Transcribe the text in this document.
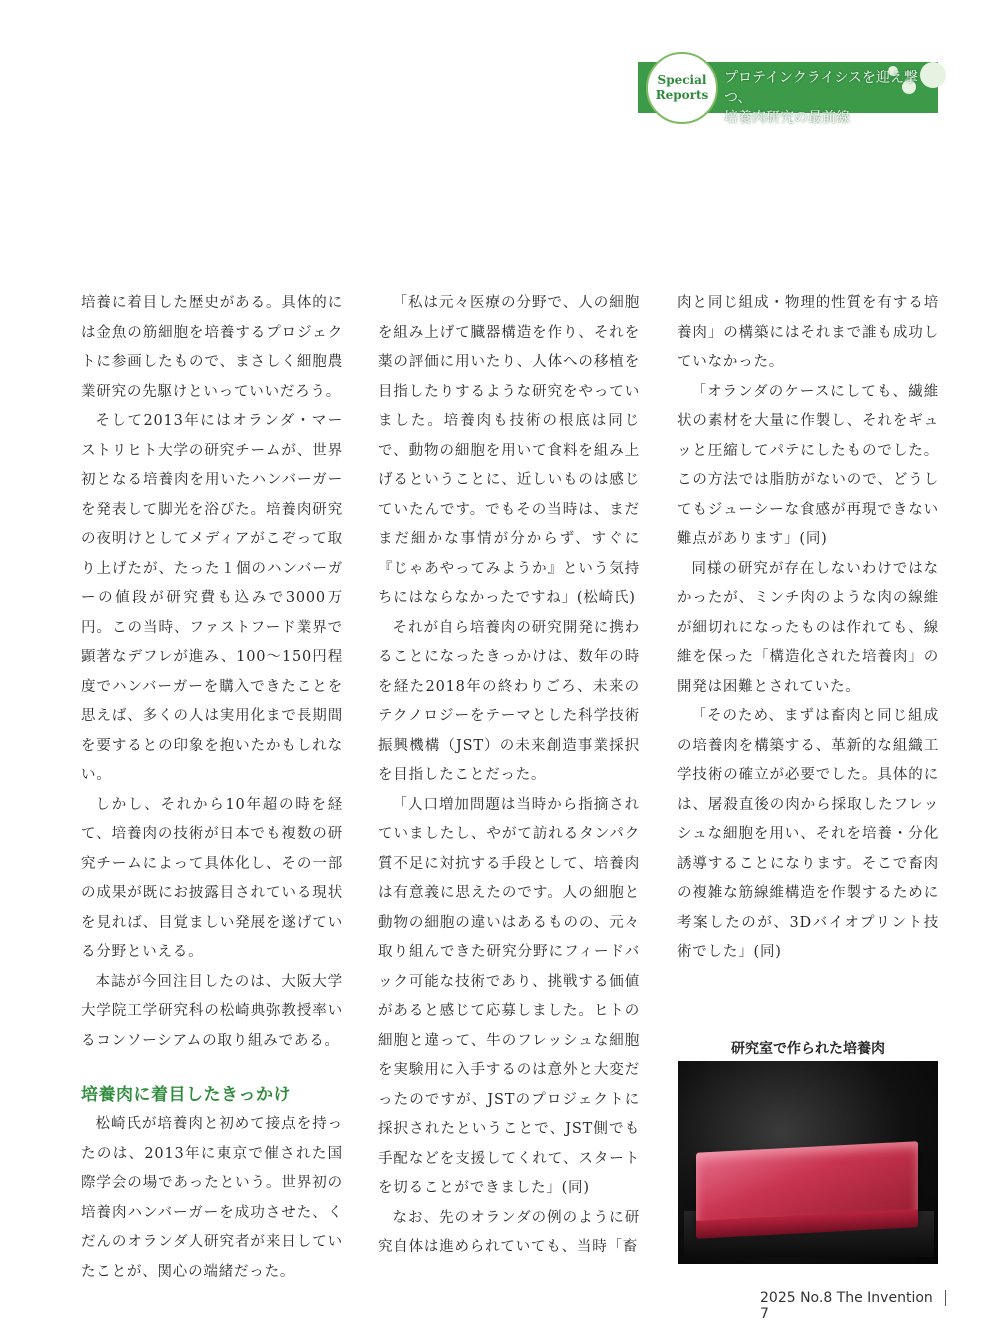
Special
Reports
プロテインクライシスを迎え撃つ、
培養肉研究の最前線

培養に着目した歴史がある。具体的には金魚の筋細胞を培養するプロジェクトに参画したもので、まさしく細胞農業研究の先駆けといっていいだろう。

そして2013年にはオランダ・マーストリヒト大学の研究チームが、世界初となる培養肉を用いたハンバーガーを発表して脚光を浴びた。培養肉研究の夜明けとしてメディアがこぞって取り上げたが、たった１個のハンバーガーの値段が研究費も込みで3000万円。この当時、ファストフード業界で顕著なデフレが進み、100～150円程度でハンバーガーを購入できたことを思えば、多くの人は実用化まで長期間を要するとの印象を抱いたかもしれない。

しかし、それから10年超の時を経て、培養肉の技術が日本でも複数の研究チームによって具体化し、その一部の成果が既にお披露目されている現状を見れば、目覚ましい発展を遂げている分野といえる。

本誌が今回注目したのは、大阪大学大学院工学研究科の松崎典弥教授率いるコンソーシアムの取り組みである。

培養肉に着目したきっかけ

松崎氏が培養肉と初めて接点を持ったのは、2013年に東京で催された国際学会の場であったという。世界初の培養肉ハンバーガーを成功させた、くだんのオランダ人研究者が来日していたことが、関心の端緒だった。

「私は元々医療の分野で、人の細胞を組み上げて臓器構造を作り、それを薬の評価に用いたり、人体への移植を目指したりするような研究をやっていました。培養肉も技術の根底は同じで、動物の細胞を用いて食料を組み上げるということに、近しいものは感じていたんです。でもその当時は、まだまだ細かな事情が分からず、すぐに『じゃあやってみようか』という気持ちにはならなかったですね」(松崎氏)

それが自ら培養肉の研究開発に携わることになったきっかけは、数年の時を経た2018年の終わりごろ、未来のテクノロジーをテーマとした科学技術振興機構（JST）の未来創造事業採択を目指したことだった。

「人口増加問題は当時から指摘されていましたし、やがて訪れるタンパク質不足に対抗する手段として、培養肉は有意義に思えたのです。人の細胞と動物の細胞の違いはあるものの、元々取り組んできた研究分野にフィードバック可能な技術であり、挑戦する価値があると感じて応募しました。ヒトの細胞と違って、牛のフレッシュな細胞を実験用に入手するのは意外と大変だったのですが、JSTのプロジェクトに採択されたということで、JST側でも手配などを支援してくれて、スタートを切ることができました」(同)

なお、先のオランダの例のように研究自体は進められていても、当時「畜

肉と同じ組成・物理的性質を有する培養肉」の構築にはそれまで誰も成功していなかった。

「オランダのケースにしても、繊維状の素材を大量に作製し、それをギュッと圧縮してパテにしたものでした。この方法では脂肪がないので、どうしてもジューシーな食感が再現できない難点があります」(同)

同様の研究が存在しないわけではなかったが、ミンチ肉のような肉の線維が細切れになったものは作れても、線維を保った「構造化された培養肉」の開発は困難とされていた。

「そのため、まずは畜肉と同じ組成の培養肉を構築する、革新的な組織工学技術の確立が必要でした。具体的には、屠殺直後の肉から採取したフレッシュな細胞を用い、それを培養・分化誘導することになります。そこで畜肉の複雑な筋線維構造を作製するために考案したのが、3Dバイオプリント技術でした」(同)

研究室で作られた培養肉
2025 No.8 The Invention  7
